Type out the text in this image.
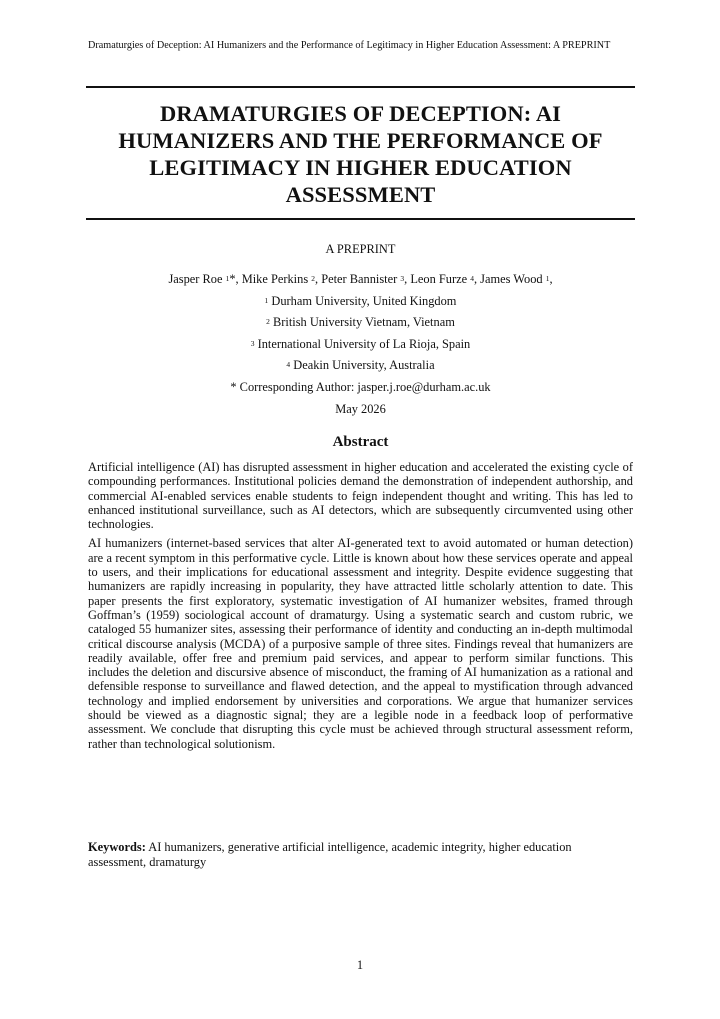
Dramaturgies of Deception: AI Humanizers and the Performance of Legitimacy in Higher Education Assessment: A PREPRINT
DRAMATURGIES OF DECEPTION: AI HUMANIZERS AND THE PERFORMANCE OF LEGITIMACY IN HIGHER EDUCATION ASSESSMENT
A PREPRINT
Jasper Roe $^1$*, Mike Perkins $^2$, Peter Bannister $^3$, Leon Furze $^4$, James Wood $^1$,
$^1$ Durham University, United Kingdom
$^2$ British University Vietnam, Vietnam
$^3$ International University of La Rioja, Spain
$^4$ Deakin University, Australia
* Corresponding Author: jasper.j.roe@durham.ac.uk
May 2026
Abstract

Artificial intelligence (AI) has disrupted assessment in higher education and accelerated the existing cycle of compounding performances. Institutional policies demand the demonstration of independent authorship, and commercial AI-enabled services enable students to feign independent thought and writing. This has led to enhanced institutional surveillance, such as AI detectors, which are subsequently circumvented using other technologies.

AI humanizers (internet-based services that alter AI-generated text to avoid automated or human detection) are a recent symptom in this performative cycle. Little is known about how these services operate and appeal to users, and their implications for educational assessment and integrity. Despite evidence suggesting that humanizers are rapidly increasing in popularity, they have attracted little scholarly attention to date. This paper presents the first exploratory, systematic investigation of AI humanizer websites, framed through Goffman’s (1959) sociological account of dramaturgy. Using a systematic search and custom rubric, we cataloged 55 humanizer sites, assessing their performance of identity and conducting an in-depth multimodal critical discourse analysis (MCDA) of a purposive sample of three sites. Findings reveal that humanizers are readily available, offer free and premium paid services, and appear to perform similar functions. This includes the deletion and discursive absence of misconduct, the framing of AI humanization as a rational and defensible response to surveillance and flawed detection, and the appeal to mystification through advanced technology and implied endorsement by universities and corporations. We argue that humanizer services should be viewed as a diagnostic signal; they are a legible node in a feedback loop of performative assessment. We conclude that disrupting this cycle must be achieved through structural assessment reform, rather than technological solutionism.

Keywords: AI humanizers, generative artificial intelligence, academic integrity, higher education assessment, dramaturgy
1
